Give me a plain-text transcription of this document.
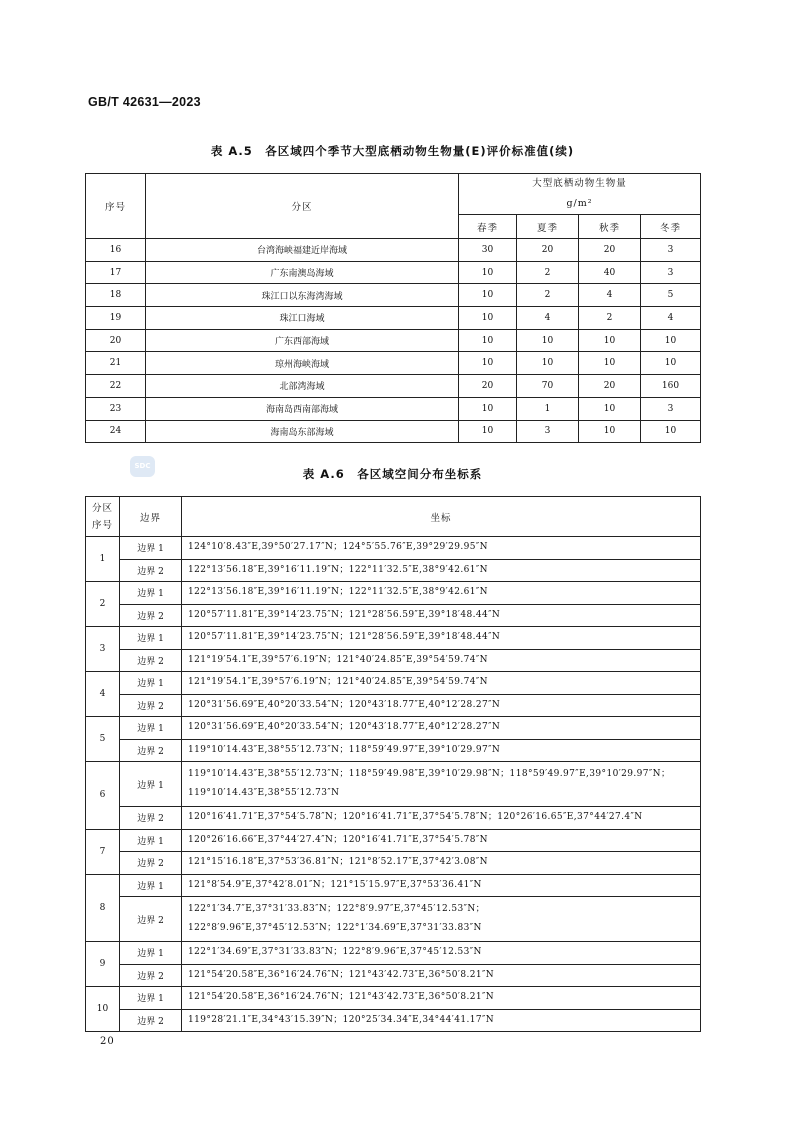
GB/T 42631—2023
表 A.5　各区域四个季节大型底栖动物生物量(E)评价标准值(续)
序号	分区	大型底栖动物生物量
g/m²			

		春季	夏季	秋季	冬季
16	台湾海峡福建近岸海域	30	20	20	3
17	广东南澳岛海域	10	2	40	3
18	珠江口以东海湾海域	10	2	4	5
19	珠江口海域	10	4	2	4
20	广东西部海域	10	10	10	10
21	琼州海峡海域	10	10	10	10
22	北部湾海域	20	70	20	160
23	海南岛西南部海域	10	1	10	3
24	海南岛东部海域	10	3	10	10
SDC
表 A.6　各区域空间分布坐标系
分区
序号	边界	坐标
1	边界 1	124°10′8.43″E,39°50′27.17″N；124°5′55.76″E,39°29′29.95″N

	边界 2	122°13′56.18″E,39°16′11.19″N；122°11′32.5″E,38°9′42.61″N

2	边界 1	122°13′56.18″E,39°16′11.19″N；122°11′32.5″E,38°9′42.61″N

	边界 2	120°57′11.81″E,39°14′23.75″N；121°28′56.59″E,39°18′48.44″N

3	边界 1	120°57′11.81″E,39°14′23.75″N；121°28′56.59″E,39°18′48.44″N

	边界 2	121°19′54.1″E,39°57′6.19″N；121°40′24.85″E,39°54′59.74″N

4	边界 1	121°19′54.1″E,39°57′6.19″N；121°40′24.85″E,39°54′59.74″N

	边界 2	120°31′56.69″E,40°20′33.54″N；120°43′18.77″E,40°12′28.27″N

5	边界 1	120°31′56.69″E,40°20′33.54″N；120°43′18.77″E,40°12′28.27″N

	边界 2	119°10′14.43″E,38°55′12.73″N；118°59′49.97″E,39°10′29.97″N

6	边界 1	119°10′14.43″E,38°55′12.73″N；118°59′49.98″E,39°10′29.98″N；118°59′49.97″E,39°10′29.97″N；
119°10′14.43″E,38°55′12.73″N

	边界 2	120°16′41.71″E,37°54′5.78″N；120°16′41.71″E,37°54′5.78″N；120°26′16.65″E,37°44′27.4″N

7	边界 1	120°26′16.66″E,37°44′27.4″N；120°16′41.71″E,37°54′5.78″N

	边界 2	121°15′16.18″E,37°53′36.81″N；121°8′52.17″E,37°42′3.08″N

8	边界 1	121°8′54.9″E,37°42′8.01″N；121°15′15.97″E,37°53′36.41″N

	边界 2	122°1′34.7″E,37°31′33.83″N；122°8′9.97″E,37°45′12.53″N；
122°8′9.96″E,37°45′12.53″N；122°1′34.69″E,37°31′33.83″N

9	边界 1	122°1′34.69″E,37°31′33.83″N；122°8′9.96″E,37°45′12.53″N

	边界 2	121°54′20.58″E,36°16′24.76″N；121°43′42.73″E,36°50′8.21″N

10	边界 1	121°54′20.58″E,36°16′24.76″N；121°43′42.73″E,36°50′8.21″N

	边界 2	119°28′21.1″E,34°43′15.39″N；120°25′34.34″E,34°44′41.17″N
20
